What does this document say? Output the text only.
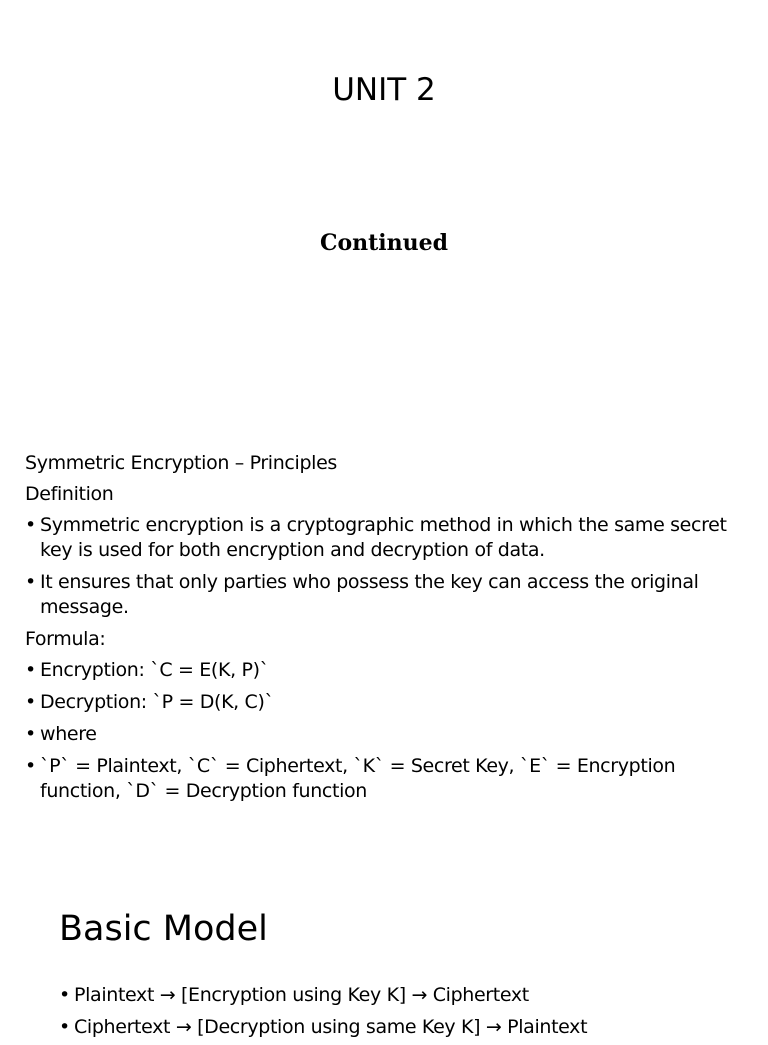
UNIT 2
Continued

Symmetric Encryption – Principles

Definition

• Symmetric encryption is a cryptographic method in which the same secret key is used for both encryption and decryption of data.
• It ensures that only parties who possess the key can access the original message.

Formula:

• Encryption: `C = E(K, P)`
• Decryption: `P = D(K, C)`
• where
• `P` = Plaintext, `C` = Ciphertext, `K` = Secret Key, `E` = Encryption function, `D` = Decryption function
Basic Model
• Plaintext → [Encryption using Key K] → Ciphertext
• Ciphertext → [Decryption using same Key K] → Plaintext
